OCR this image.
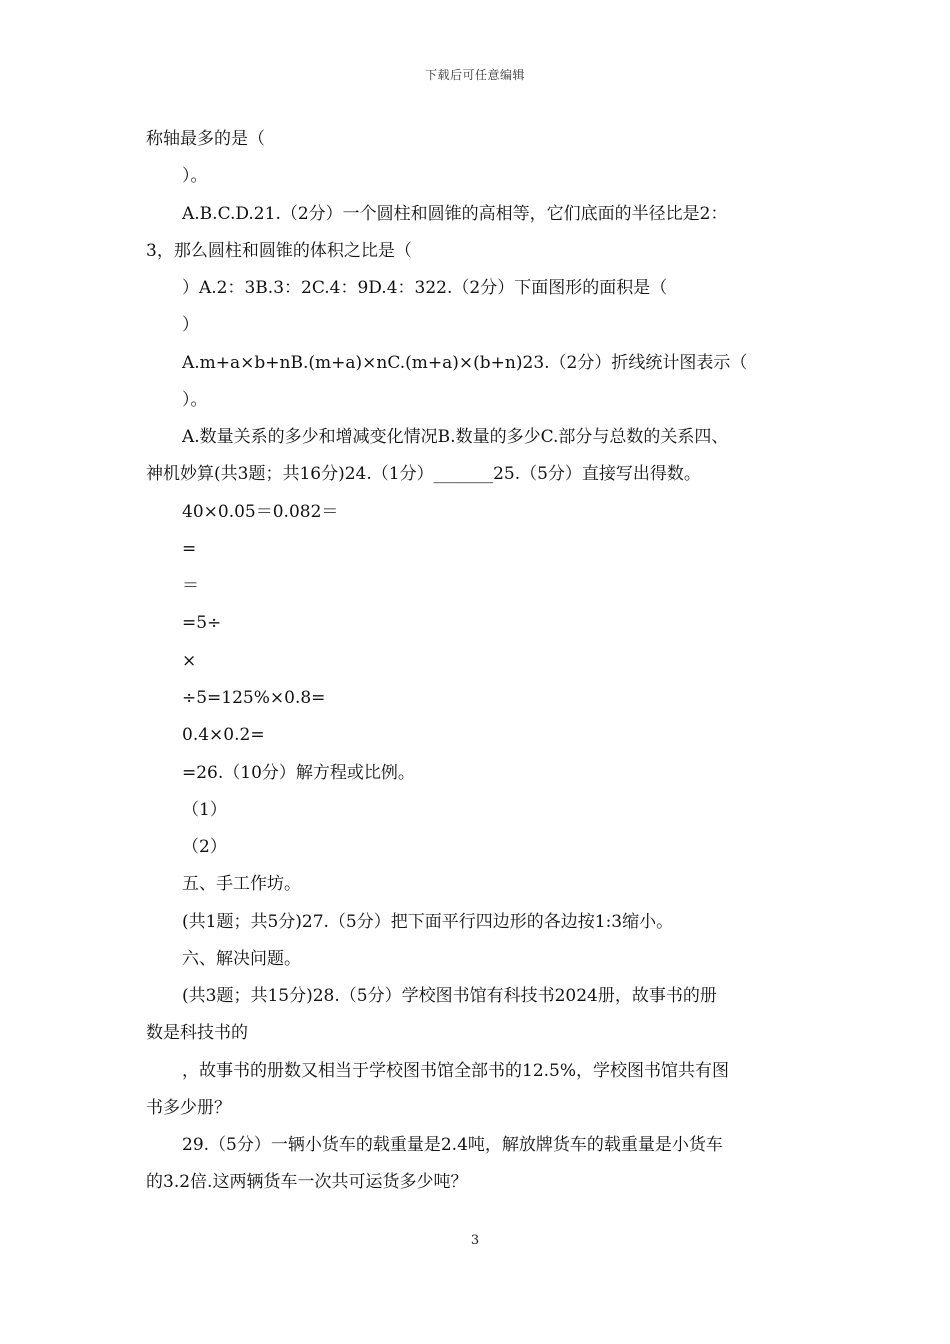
下载后可任意编辑
称轴最多的是（
）。
A.B.C.D.21.（2分）一个圆柱和圆锥的高相等，它们底面的半径比是2：
3，那么圆柱和圆锥的体积之比是（
）A.2：3B.3：2C.4：9D.4：322.（2分）下面图形的面积是（
）
A.m+a×b+nB.(m+a)×nC.(m+a)×(b+n)23.（2分）折线统计图表示（
）。
A.数量关系的多少和增减变化情况B.数量的多少C.部分与总数的关系四、
神机妙算(共3题；共16分)24.（1分）_______25.（5分）直接写出得数。
40×0.05＝0.082＝
=
＝
=5÷
×
÷5=125%×0.8=
0.4×0.2=
=26.（10分）解方程或比例。
（1）
（2）
五、手工作坊。
(共1题；共5分)27.（5分）把下面平行四边形的各边按1:3缩小。
六、解决问题。
(共3题；共15分)28.（5分）学校图书馆有科技书2024册，故事书的册
数是科技书的
，故事书的册数又相当于学校图书馆全部书的12.5%，学校图书馆共有图
书多少册？
29.（5分）一辆小货车的载重量是2.4吨，解放牌货车的载重量是小货车
的3.2倍.这两辆货车一次共可运货多少吨？
3
